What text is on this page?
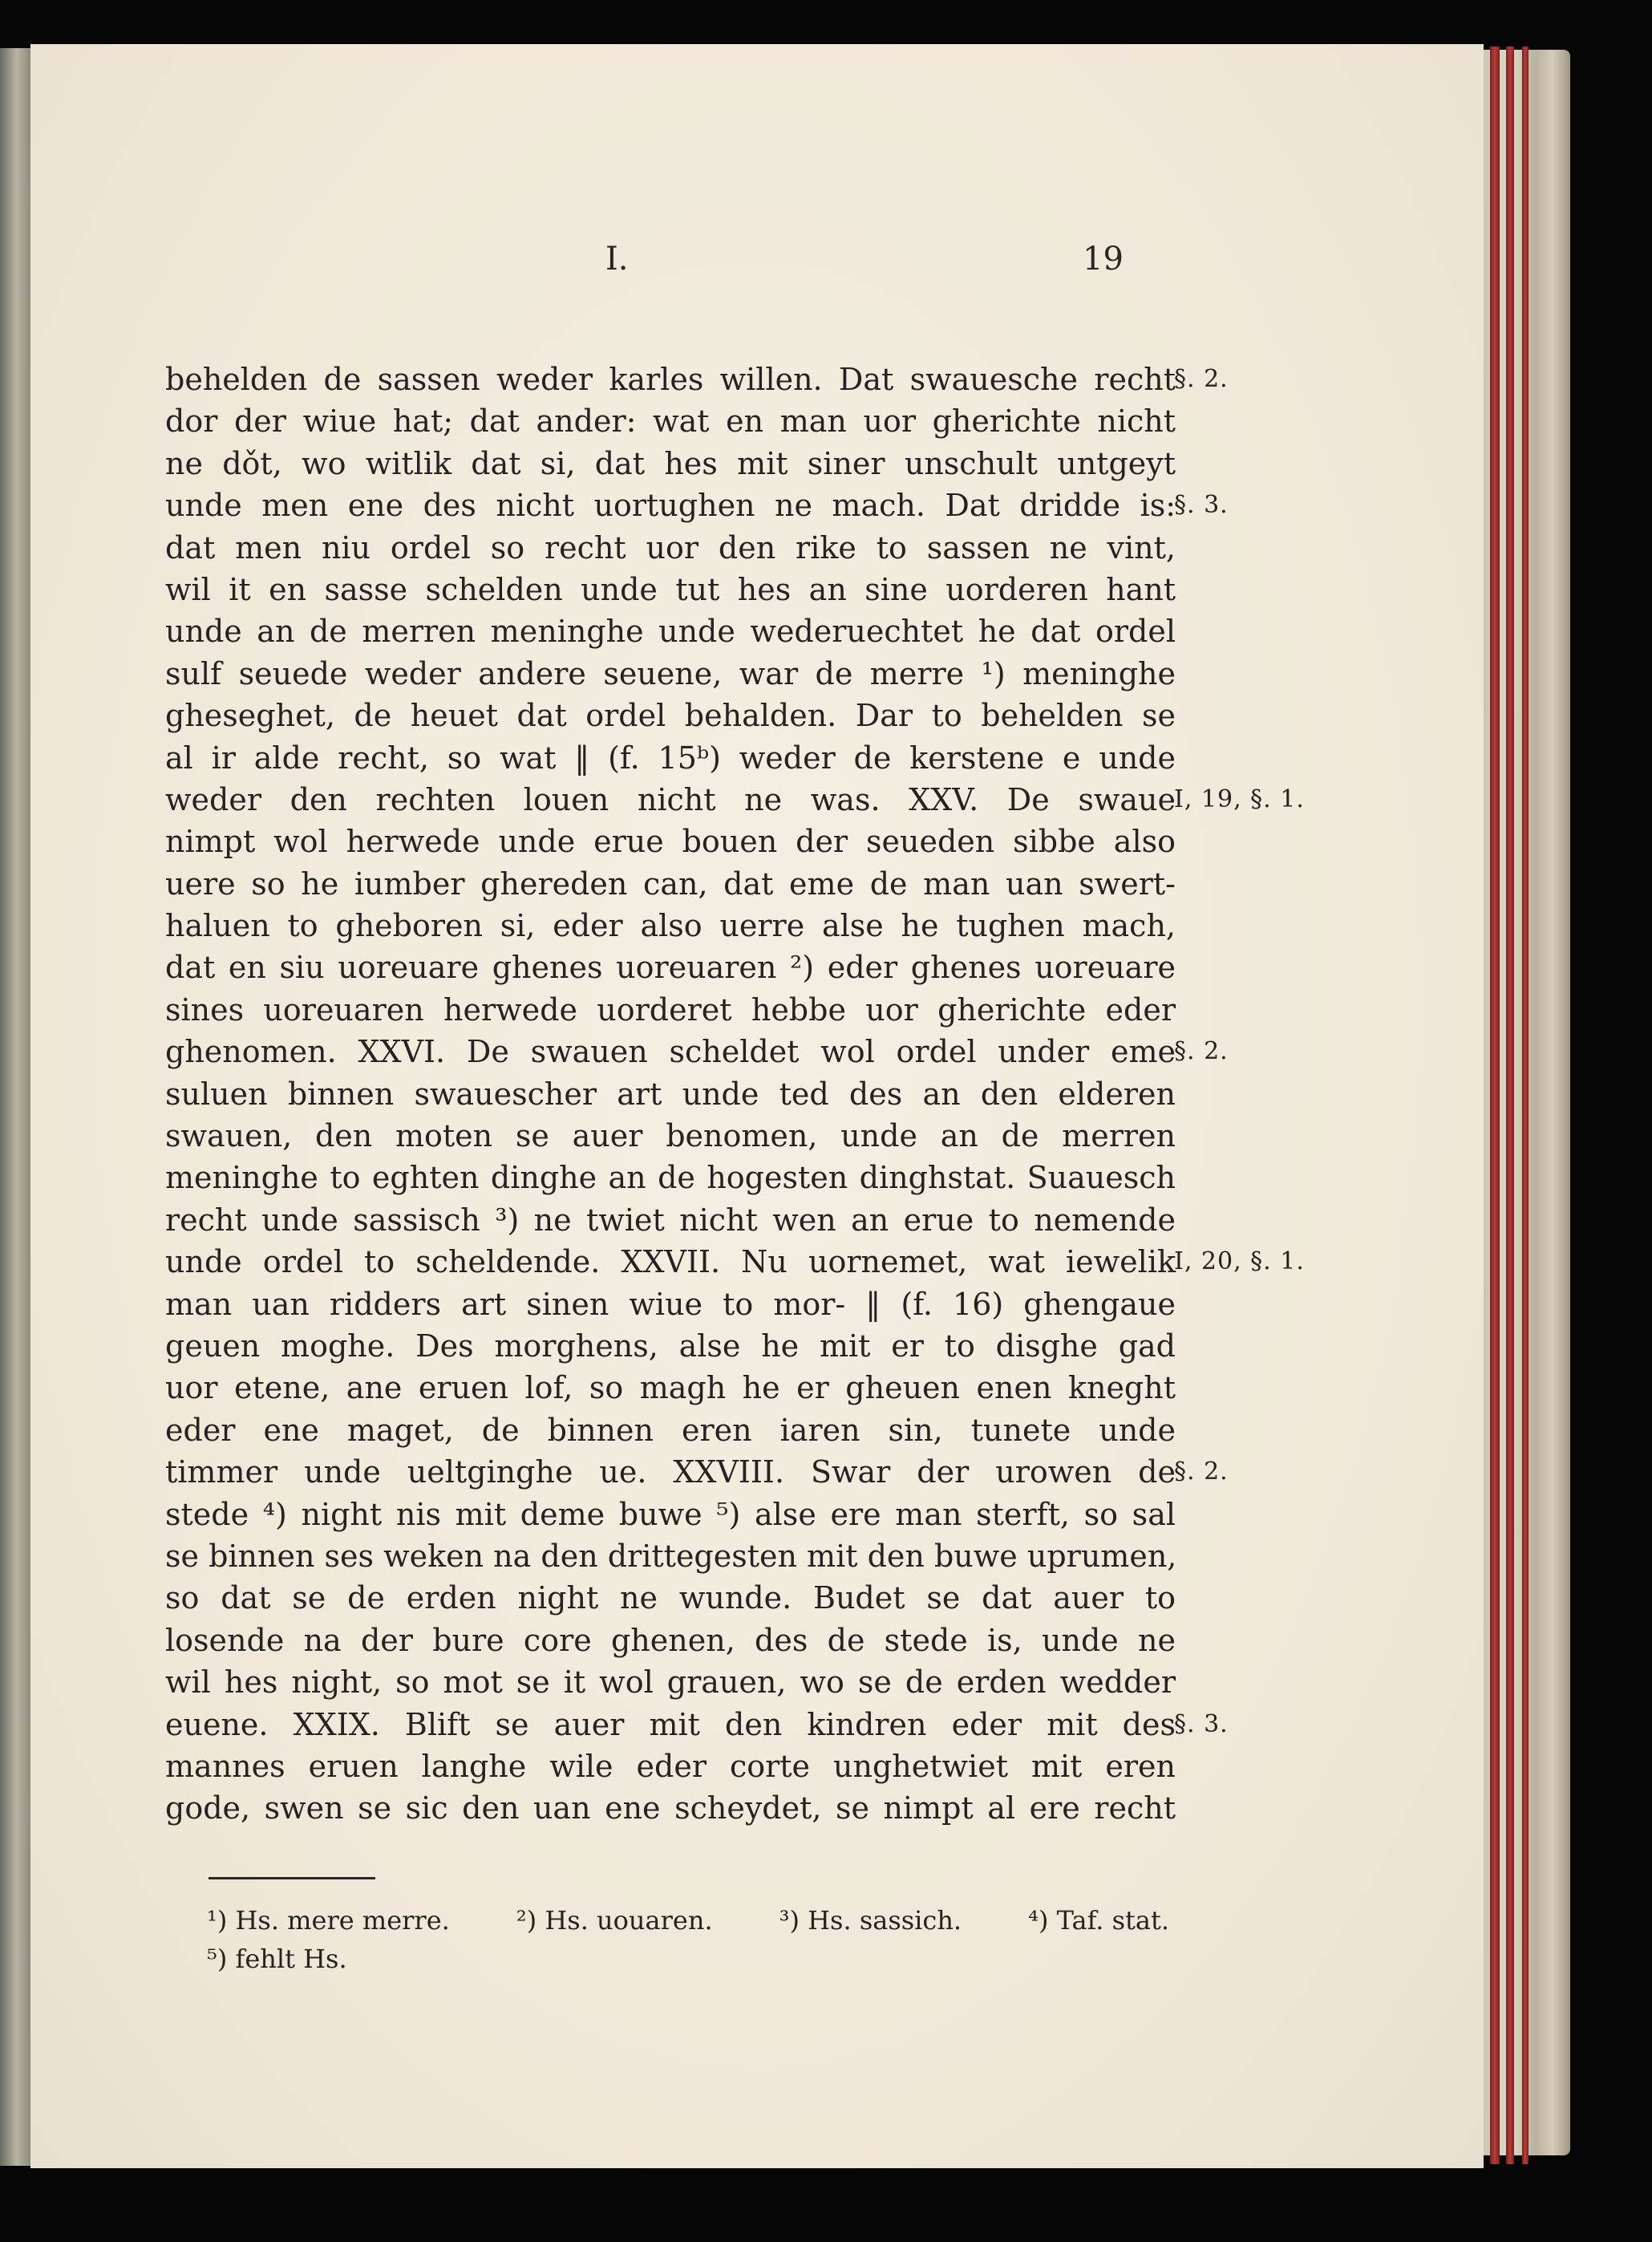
I.	19
behelden de sassen weder karles willen. Dat swauesche recht
§. 2.
dor der wiue hat; dat ander: wat en man uor gherichte nicht
ne dǒt, wo witlik dat si, dat hes mit siner unschult untgeyt
unde men ene des nicht uortughen ne mach. Dat dridde is:
§. 3.
dat men niu ordel so recht uor den rike to sassen ne vint,
wil it en sasse schelden unde tut hes an sine uorderen hant
unde an de merren meninghe unde wederuechtet he dat ordel
sulf seuede weder andere seuene, war de merre ¹) meninghe
gheseghet, de heuet dat ordel behalden. Dar to behelden se
al ir alde recht, so wat ‖ (f. 15ᵇ) weder de kerstene e unde
weder den rechten louen nicht ne was. XXV. De swaue
I, 19, §. 1.
nimpt wol herwede unde erue bouen der seueden sibbe also
uere so he iumber ghereden can, dat eme de man uan swert-
haluen to gheboren si, eder also uerre alse he tughen mach,
dat en siu uoreuare ghenes uoreuaren ²) eder ghenes uoreuare
sines uoreuaren herwede uorderet hebbe uor gherichte eder
ghenomen. XXVI. De swauen scheldet wol ordel under eme
§. 2.
suluen binnen swauescher art unde ted des an den elderen
swauen, den moten se auer benomen, unde an de merren
meninghe to eghten dinghe an de hogesten dinghstat. Suauesch
recht unde sassisch ³) ne twiet nicht wen an erue to nemende
unde ordel to scheldende. XXVII. Nu uornemet, wat iewelik
I, 20, §. 1.
man uan ridders art sinen wiue to mor- ‖ (f. 16) ghengaue
geuen moghe. Des morghens, alse he mit er to disghe gad
uor etene, ane eruen lof, so magh he er gheuen enen kneght
eder ene maget, de binnen eren iaren sin, tunete unde
timmer unde ueltginghe ue. XXVIII. Swar der urowen de
§. 2.
stede ⁴) night nis mit deme buwe ⁵) alse ere man sterft, so sal
se binnen ses weken na den drittegesten mit den buwe uprumen,
so dat se de erden night ne wunde. Budet se dat auer to
losende na der bure core ghenen, des de stede is, unde ne
wil hes night, so mot se it wol grauen, wo se de erden wedder
euene. XXIX. Blift se auer mit den kindren eder mit des
§. 3.
mannes eruen langhe wile eder corte unghetwiet mit eren
gode, swen se sic den uan ene scheydet, se nimpt al ere recht
¹) Hs. mere merre.	²) Hs. uouaren.	³) Hs. sassich.	⁴) Taf. stat.
⁵) fehlt Hs.
